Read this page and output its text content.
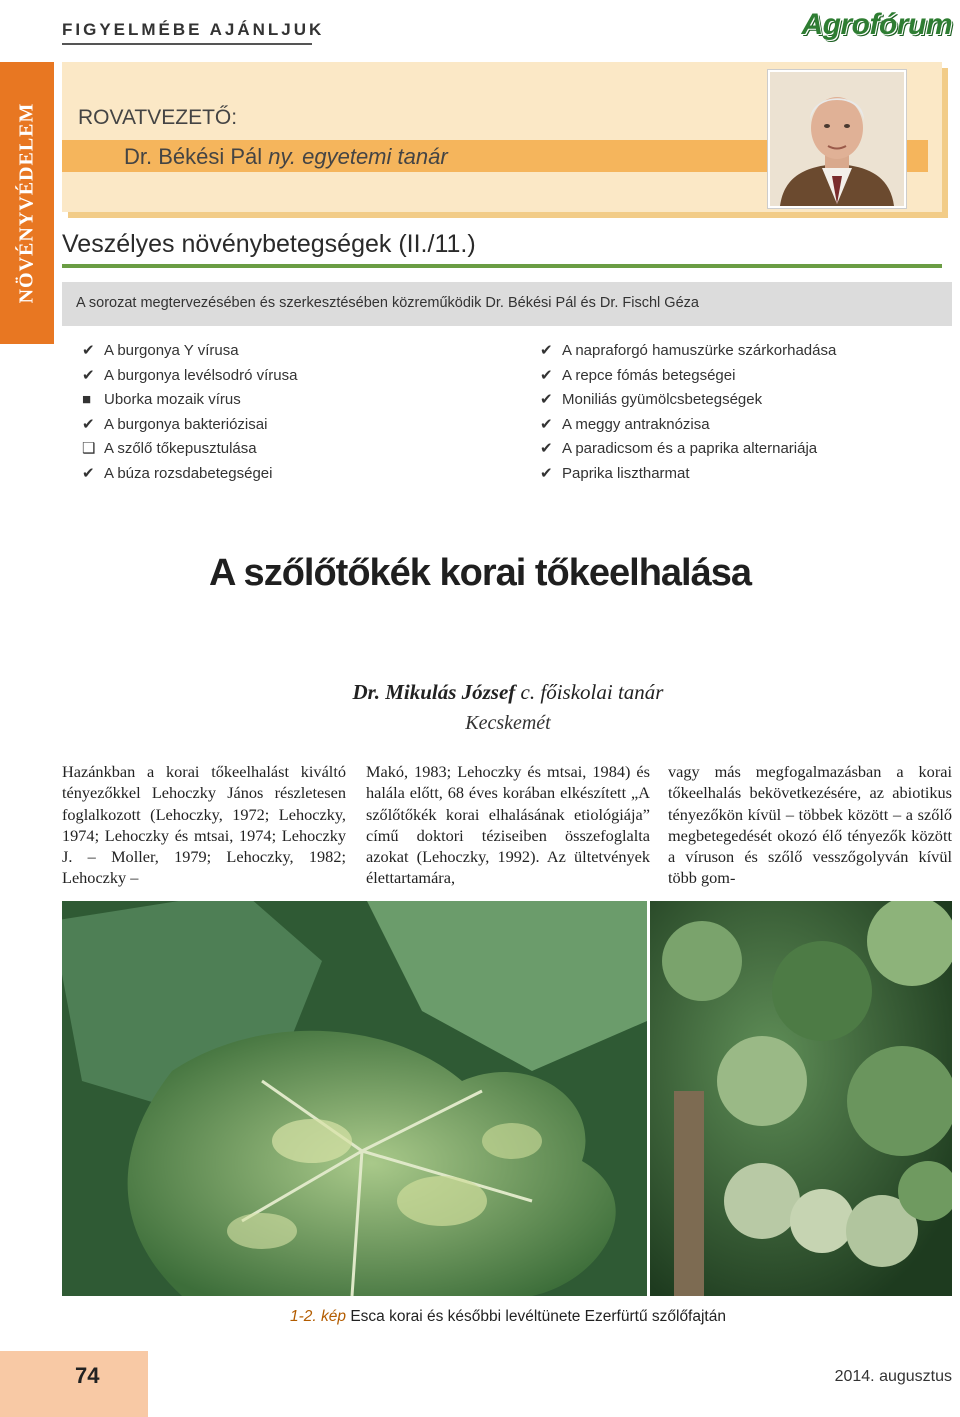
FIGYELMÉBE AJÁNLJUK	Agrofórum
NÖVÉNYVÉDELEM ROVATVEZETŐ:
Dr. Békési Pál ny. egyetemi tanár
Veszélyes növénybetegségek (II./11.)
A sorozat megtervezésében és szerkesztésében közreműködik Dr. Békési Pál és Dr. Fischl Géza
✔ A burgonya Y vírusa
✔ A burgonya levélsodró vírusa
■ Uborka mozaik vírus
✔ A burgonya bakteriózisai
❑ A szőlő tőkepusztulása
✔ A búza rozsdabetegségei
✔ A napraforgó hamuszürke szárkorhadása
✔ A repce fómás betegségei
✔ Moniliás gyümölcsbetegségek
✔ A meggy antraknózisa
✔ A paradicsom és a paprika alternariája
✔ Paprika lisztharmat
A szőlőtőkék korai tőkeelhalása
Dr. Mikulás József c. főiskolai tanár
Kecskemét

Hazánkban a korai tőkeelhalást kiváltó tényezőkkel Lehoczky János részletesen foglalkozott (Lehoczky, 1972; Lehoczky, 1974; Lehoczky és mtsai, 1974; Lehoczky J. – Moller, 1979; Lehoczky, 1982; Lehoczky –

Makó, 1983; Lehoczky és mtsai, 1984) és halála előtt, 68 éves korában elkészített „A szőlőtőkék korai elhalásának etiológiája” című doktori téziseiben összefoglalta azokat (Lehoczky, 1992). Az ültetvények élettartamára,

vagy más megfogalmazásban a korai tőkeelhalás bekövetkezésére, az abiotikus tényezőkön kívül – többek között – a szőlő megbetegedését okozó élő tényezők között a víruson és szőlő vesszőgolyván kívül több gom-

1-2. kép Esca korai és későbbi levéltünete Ezerfürtű szőlőfajtán
74	2014. augusztus
